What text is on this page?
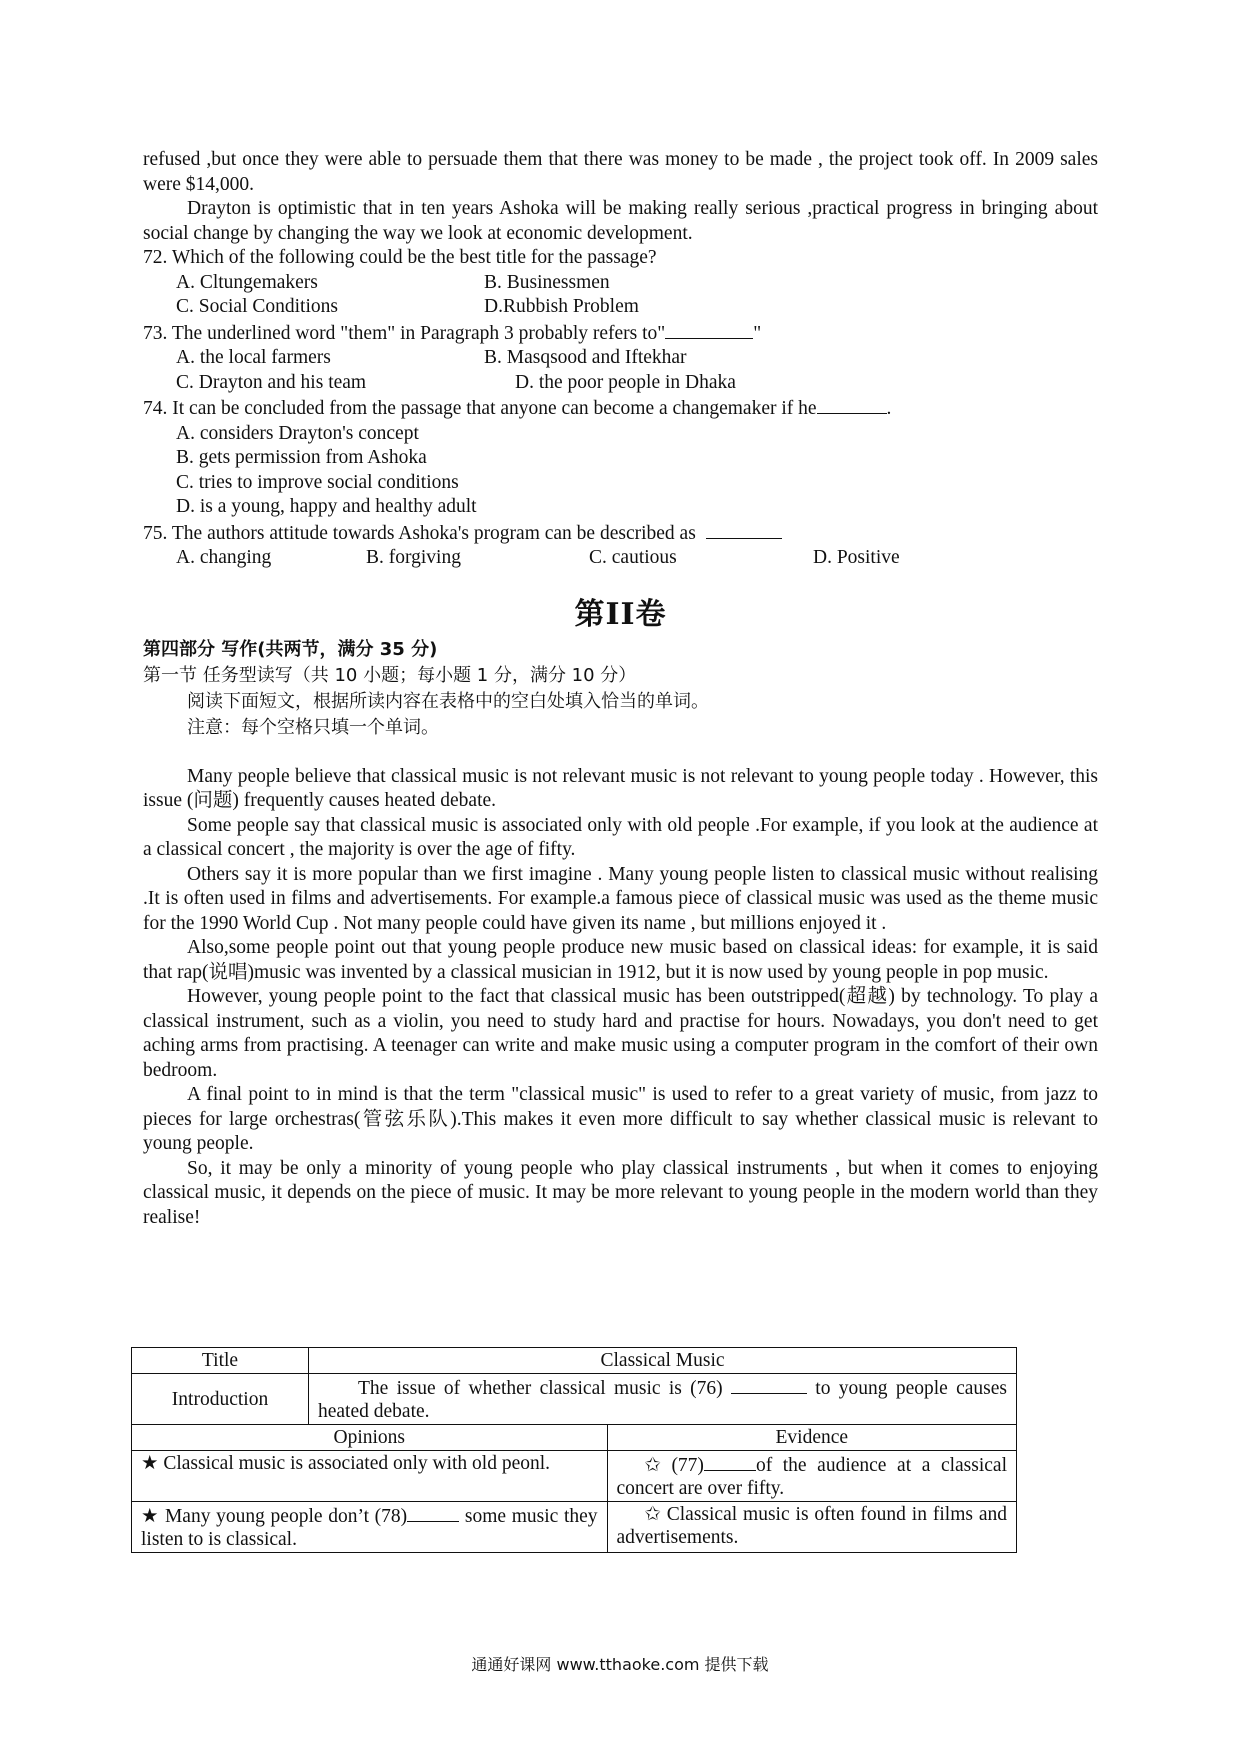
refused ,but once they were able to persuade them that there was money to be made , the project took off. In 2009 sales were $14,000.

Drayton is optimistic that in ten years Ashoka will be making really serious ,practical progress in bringing about social change by changing the way we look at economic development.

72. Which of the following could be the best title for the passage?

A. Cltungemakers	B. Businessmen
C. Social Conditions	D.Rubbish Problem

73. The underlined word "them" in Paragraph 3 probably refers to"	"

A. the local farmers	B. Masqsood and Iftekhar
C. Drayton and his team	D. the poor people in Dhaka

74. It can be concluded from the passage that anyone can become a changemaker if he	.

A. considers Drayton's concept
B. gets permission from Ashoka
C. tries to improve social conditions
D. is a young, happy and healthy adult

75. The authors attitude towards Ashoka's program can be described as

A. changing	B. forgiving	C. cautious	D. Positive
第II卷

第四部分 写作(共两节，满分 35 分)

第一节 任务型读写（共 10 小题；每小题 1 分，满分 10 分）

阅读下面短文，根据所读内容在表格中的空白处填入恰当的单词。

注意：每个空格只填一个单词。

Many people believe that classical music is not relevant music is not relevant to young people today . However, this issue (问题) frequently causes heated debate.

Some people say that classical music is associated only with old people .For example, if you look at the audience at a classical concert , the majority is over the age of fifty.

Others say it is more popular than we first imagine . Many young people listen to classical music without realising .It is often used in films and advertisements. For example.a famous piece of classical music was used as the theme music for the 1990 World Cup . Not many people could have given its name , but millions enjoyed it .

Also,some people point out that young people produce new music based on classical ideas: for example, it is said that rap(说唱)music was invented by a classical musician in 1912, but it is now used by young people in pop music.

However, young people point to the fact that classical music has been outstripped(超越) by technology. To play a classical instrument, such as a violin, you need to study hard and practise for hours. Nowadays, you don't need to get aching arms from practising. A teenager can write and make music using a computer program in the comfort of their own bedroom.

A final point to in mind is that the term "classical music" is used to refer to a great variety of music, from jazz to pieces for large orchestras(管弦乐队).This makes it even more difficult to say whether classical music is relevant to young people.

So, it may be only a minority of young people who play classical instruments , but when it comes to enjoying classical music, it depends on the piece of music. It may be more relevant to young people in the modern world than they realise!

Title	Classical Music	
Introduction	The issue of whether classical music is (76) to young people causes heated debate.	
Opinions		Evidence
★ Classical music is associated only with old peonl.		✩ (77) of the audience at a classical concert are over fifty.
★ Many young people don’t (78) some music they listen to is classical.		✩ Classical music is often found in films and advertisements.
通通好课网 www.tthaoke.com 提供下载
